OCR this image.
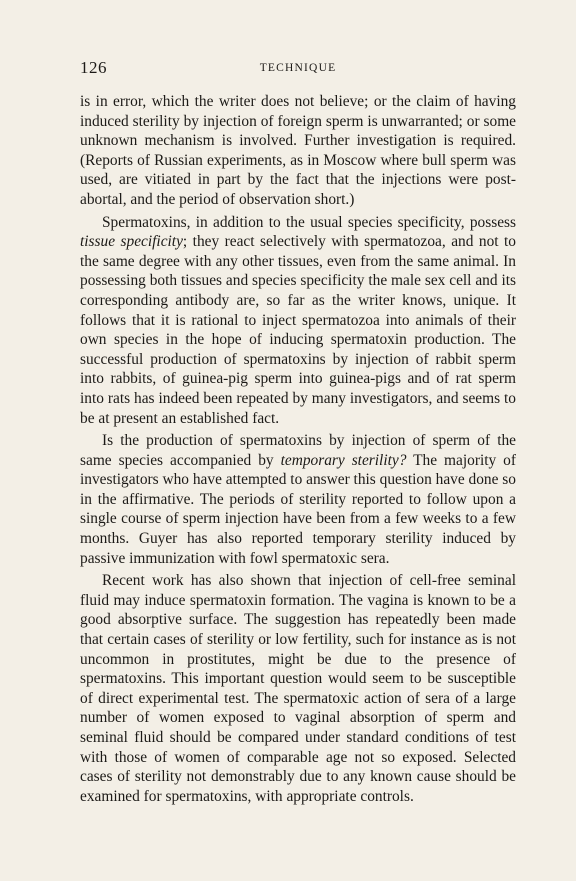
126	TECHNIQUE

is in error, which the writer does not believe; or the claim of having induced sterility by injection of foreign sperm is unwarranted; or some unknown mechanism is involved. Further investigation is required. (Reports of Russian experiments, as in Moscow where bull sperm was used, are vitiated in part by the fact that the injections were post-abortal, and the period of observation short.)

Spermatoxins, in addition to the usual species specificity, possess tissue specificity; they react selectively with spermatozoa, and not to the same degree with any other tissues, even from the same animal. In possessing both tissues and species specificity the male sex cell and its corresponding antibody are, so far as the writer knows, unique. It follows that it is rational to inject spermatozoa into animals of their own species in the hope of inducing spermatoxin production. The successful production of spermatoxins by injection of rabbit sperm into rabbits, of guinea-pig sperm into guinea-pigs and of rat sperm into rats has indeed been repeated by many investigators, and seems to be at present an established fact.

Is the production of spermatoxins by injection of sperm of the same species accompanied by temporary sterility? The majority of investigators who have attempted to answer this question have done so in the affirmative. The periods of sterility reported to follow upon a single course of sperm injection have been from a few weeks to a few months. Guyer has also reported temporary sterility induced by passive immunization with fowl spermatoxic sera.

Recent work has also shown that injection of cell-free seminal fluid may induce spermatoxin formation. The vagina is known to be a good absorptive surface. The suggestion has repeatedly been made that certain cases of sterility or low fertility, such for instance as is not uncommon in prostitutes, might be due to the presence of spermatoxins. This important question would seem to be susceptible of direct experimental test. The spermatoxic action of sera of a large number of women exposed to vaginal absorption of sperm and seminal fluid should be compared under standard conditions of test with those of women of comparable age not so exposed. Selected cases of sterility not demonstrably due to any known cause should be examined for spermatoxins, with appropriate controls.
